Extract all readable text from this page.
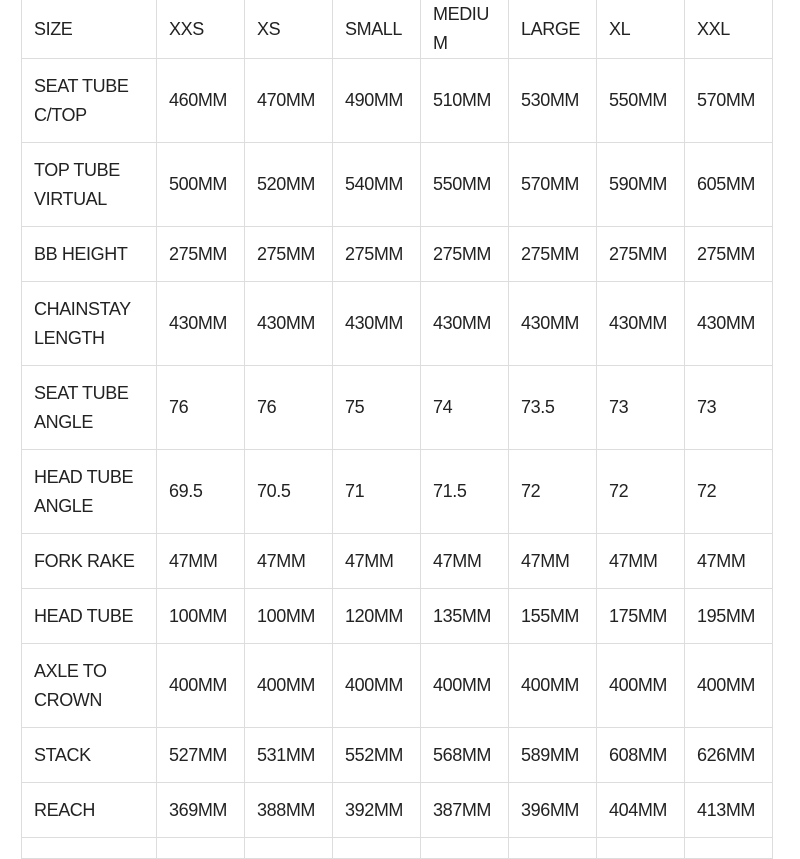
SIZE	XXS	XS	SMALL	MEDIUM	LARGE	XL	XXL
SEAT TUBE C/TOP	460MM	470MM	490MM	510MM	530MM	550MM	570MM
TOP TUBE VIRTUAL	500MM	520MM	540MM	550MM	570MM	590MM	605MM
BB HEIGHT	275MM	275MM	275MM	275MM	275MM	275MM	275MM
CHAINSTAY LENGTH	430MM	430MM	430MM	430MM	430MM	430MM	430MM
SEAT TUBE ANGLE	76	76	75	74	73.5	73	73
HEAD TUBE ANGLE	69.5	70.5	71	71.5	72	72	72
FORK RAKE	47MM	47MM	47MM	47MM	47MM	47MM	47MM
HEAD TUBE	100MM	100MM	120MM	135MM	155MM	175MM	195MM
AXLE TO CROWN	400MM	400MM	400MM	400MM	400MM	400MM	400MM
STACK	527MM	531MM	552MM	568MM	589MM	608MM	626MM
REACH	369MM	388MM	392MM	387MM	396MM	404MM	413MM
